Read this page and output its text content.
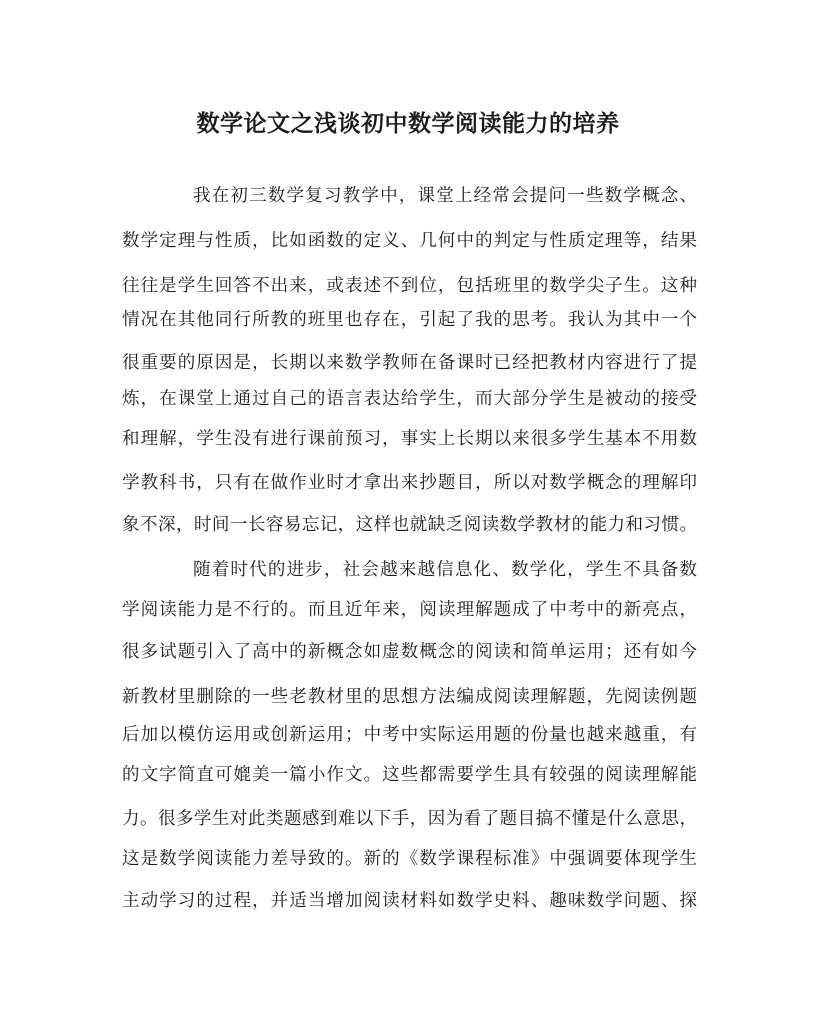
数学论文之浅谈初中数学阅读能力的培养
我在初三数学复习教学中，课堂上经常会提问一些数学概念、
数学定理与性质，比如函数的定义、几何中的判定与性质定理等，结果
往往是学生回答不出来，或表述不到位，包括班里的数学尖子生。这种
情况在其他同行所教的班里也存在，引起了我的思考。我认为其中一个
很重要的原因是，长期以来数学教师在备课时已经把教材内容进行了提
炼，在课堂上通过自己的语言表达给学生，而大部分学生是被动的接受
和理解，学生没有进行课前预习，事实上长期以来很多学生基本不用数
学教科书，只有在做作业时才拿出来抄题目，所以对数学概念的理解印
象不深，时间一长容易忘记，这样也就缺乏阅读数学教材的能力和习惯。
随着时代的进步，社会越来越信息化、数学化，学生不具备数
学阅读能力是不行的。而且近年来，阅读理解题成了中考中的新亮点，
很多试题引入了高中的新概念如虚数概念的阅读和简单运用；还有如今
新教材里删除的一些老教材里的思想方法编成阅读理解题，先阅读例题
后加以模仿运用或创新运用；中考中实际运用题的份量也越来越重，有
的文字简直可媲美一篇小作文。这些都需要学生具有较强的阅读理解能
力。很多学生对此类题感到难以下手，因为看了题目搞不懂是什么意思，
这是数学阅读能力差导致的。新的《数学课程标准》中强调要体现学生
主动学习的过程，并适当增加阅读材料如数学史料、趣味数学问题、探
